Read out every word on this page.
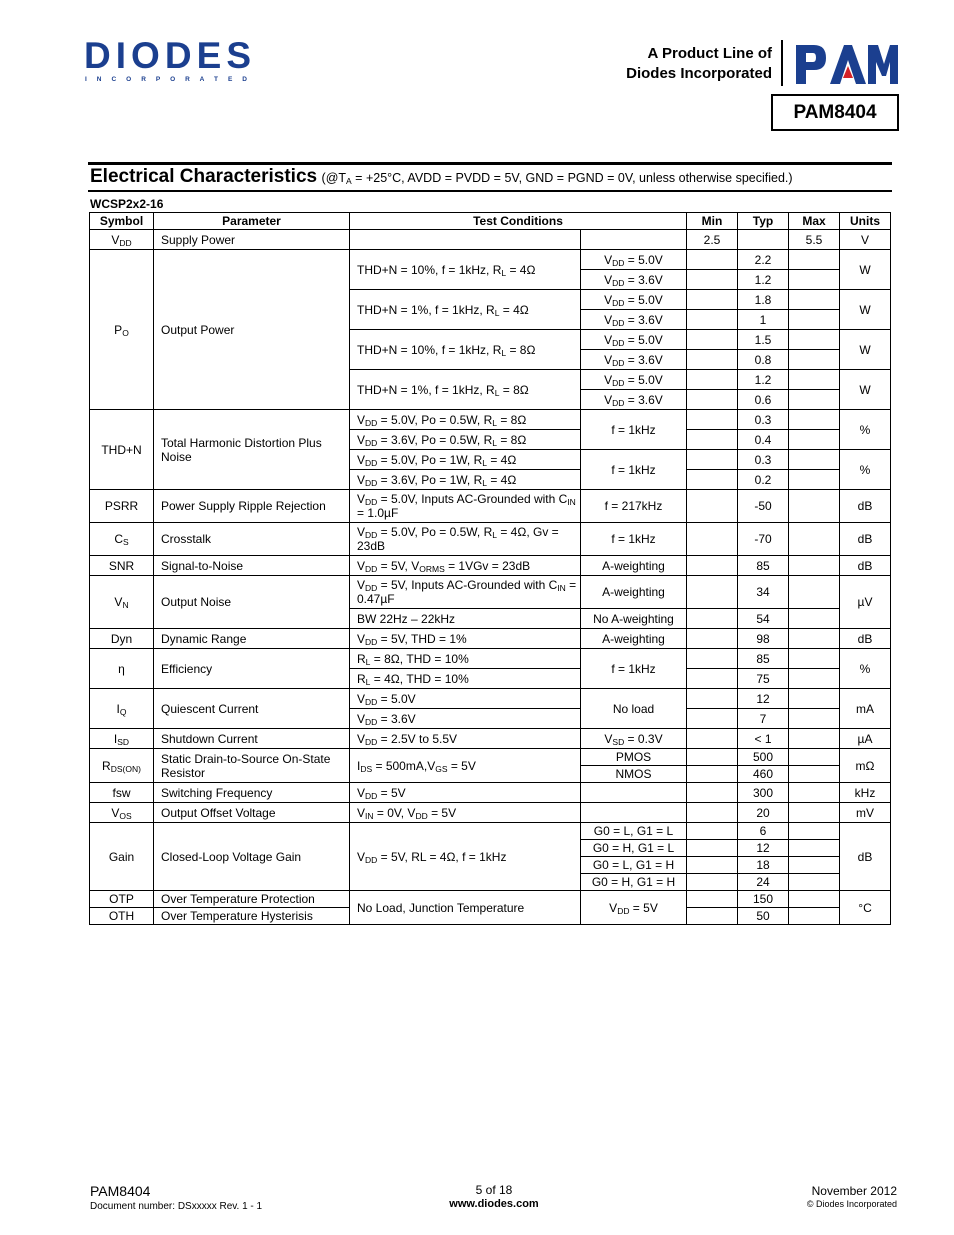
DIODES
I N C O R P O R A T E D
A Product Line of
Diodes Incorporated
PAM8404
Electrical Characteristics ($@T_A = +25^\circ C$, AVDD = PVDD = 5V, GND = PGND = 0V, unless otherwise specified.)
WCSP2x2-16
Symbol	Parameter	Test Conditions		Min	Typ	Max	Units
$V_{DD}$	Supply Power			2.5		5.5	V
$P_O$	Output Power	THD+N = 10%, f = 1kHz, $R_L = 4\Omega$	$V_{DD} = 5.0V$		2.2		W
			$V_{DD} = 3.6V$		1.2		
		THD+N = 1%, f = 1kHz, $R_L = 4\Omega$	$V_{DD} = 5.0V$		1.8		W
			$V_{DD} = 3.6V$		1		
		THD+N = 10%, f = 1kHz, $R_L = 8\Omega$	$V_{DD} = 5.0V$		1.5		W
			$V_{DD} = 3.6V$		0.8		
		THD+N = 1%, f = 1kHz, $R_L = 8\Omega$	$V_{DD} = 5.0V$		1.2		W
			$V_{DD} = 3.6V$		0.6		
THD+N	Total Harmonic Distortion Plus Noise	$V_{DD} = 5.0V$, Po = 0.5W, $R_L = 8\Omega$	f = 1kHz		0.3		%
		$V_{DD} = 3.6V$, Po = 0.5W, $R_L = 8\Omega$			0.4		
		$V_{DD} = 5.0V$, Po = 1W, $R_L = 4\Omega$	f = 1kHz		0.3		%
		$V_{DD} = 3.6V$, Po = 1W, $R_L = 4\Omega$			0.2		
PSRR	Power Supply Ripple Rejection	$V_{DD} = 5.0V$, Inputs AC-Grounded with $C_{IN} = 1.0\mu F$	f = 217kHz		-50		dB
$C_S$	Crosstalk	$V_{DD} = 5.0V$, Po = 0.5W, $R_L = 4\Omega$, Gv = 23dB	f = 1kHz		-70		dB
SNR	Signal-to-Noise	$V_{DD} = 5V$, $V_{ORMS} = 1VGv = 23dB$	A-weighting		85		dB
$V_N$	Output Noise	$V_{DD} = 5V$, Inputs AC-Grounded with $C_{IN} = 0.47\mu F$	A-weighting		34		µV
		BW 22Hz – 22kHz	No A-weighting		54		
Dyn	Dynamic Range	$V_{DD} = 5V$, THD = 1%	A-weighting		98		dB
η	Efficiency	$R_L = 8\Omega$, THD = 10%	f = 1kHz		85		%
		$R_L = 4\Omega$, THD = 10%			75		
$I_Q$	Quiescent Current	$V_{DD} = 5.0V$	No load		12		mA
		$V_{DD} = 3.6V$			7		
$I_{SD}$	Shutdown Current	$V_{DD} = 2.5V$ to 5.5V	$V_{SD} = 0.3V$		< 1		µA
$R_{DS(ON)}$	Static Drain-to-Source On-State Resistor	$I_{DS} = 500mA,V_{GS} = 5V$	PMOS		500		mΩ
			NMOS		460		
fsw	Switching Frequency	$V_{DD} = 5V$			300		kHz
$V_{OS}$	Output Offset Voltage	$V_{IN} = 0V$, $V_{DD} = 5V$			20		mV
Gain	Closed-Loop Voltage Gain	$V_{DD} = 5V$, RL = 4Ω, f = 1kHz	G0 = L, G1 = L		6		dB
			G0 = H, G1 = L		12		
			G0 = L, G1 = H		18		
			G0 = H, G1 = H		24		
OTP	Over Temperature Protection	No Load, Junction Temperature	$V_{DD} = 5V$		150		°C
OTH	Over Temperature Hysterisis				50		
PAM8404
Document number: DSxxxxx Rev. 1 - 1
5 of 18
www.diodes.com
November 2012
© Diodes Incorporated
